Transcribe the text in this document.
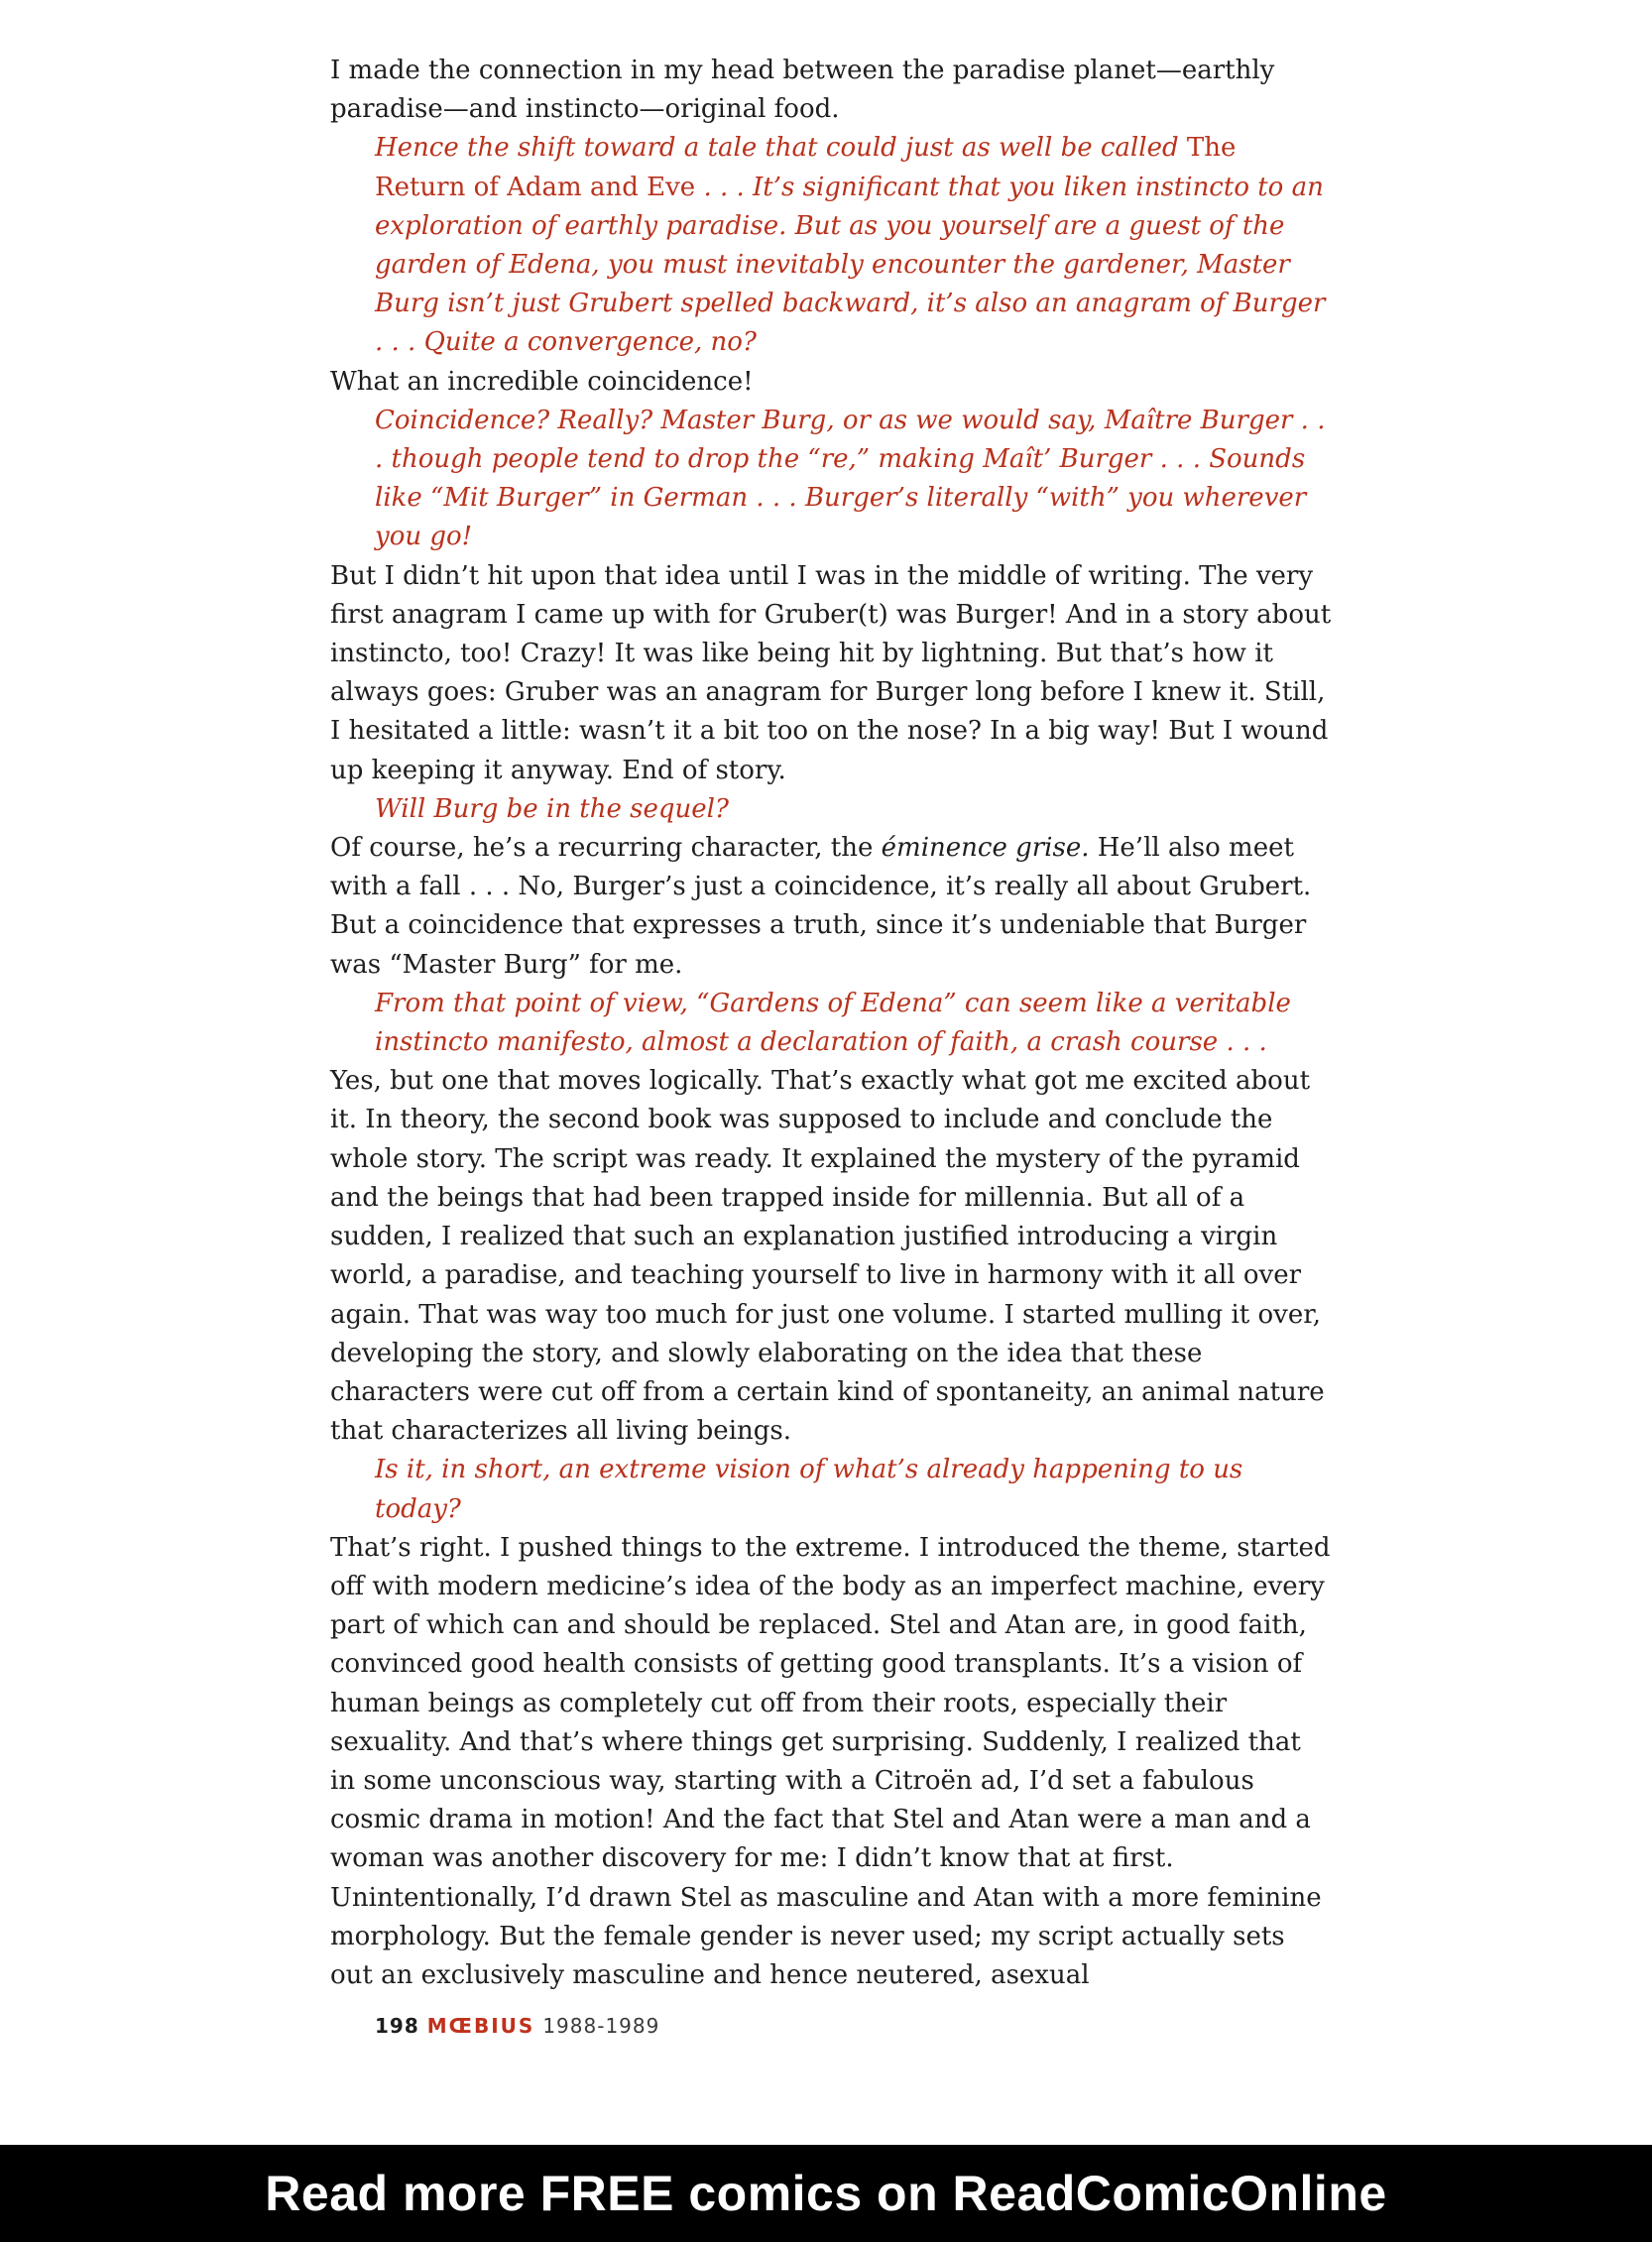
I made the connection in my head between the paradise planet—earthly paradise—and instincto—original food.

Hence the shift toward a tale that could just as well be called The Return of Adam and Eve . . . It’s significant that you liken instincto to an exploration of earthly paradise. But as you yourself are a guest of the garden of Edena, you must inevitably encounter the gardener, Master Burg isn’t just Grubert spelled backward, it’s also an anagram of Burger . . . Quite a convergence, no?

What an incredible coincidence!

Coincidence? Really? Master Burg, or as we would say, Maître Burger . . . though people tend to drop the “re,” making Maît’ Burger . . . Sounds like “Mit Burger” in German . . . Burger’s literally “with” you wherever you go!

But I didn’t hit upon that idea until I was in the middle of writing. The very first anagram I came up with for Gruber(t) was Burger! And in a story about instincto, too! Crazy! It was like being hit by lightning. But that’s how it always goes: Gruber was an anagram for Burger long before I knew it. Still, I hesitated a little: wasn’t it a bit too on the nose? In a big way! But I wound up keeping it anyway. End of story.

Will Burg be in the sequel?

Of course, he’s a recurring character, the éminence grise. He’ll also meet with a fall . . . No, Burger’s just a coincidence, it’s really all about Grubert. But a coincidence that expresses a truth, since it’s undeniable that Burger was “Master Burg” for me.

From that point of view, “Gardens of Edena” can seem like a veritable instincto manifesto, almost a declaration of faith, a crash course . . .

Yes, but one that moves logically. That’s exactly what got me excited about it. In theory, the second book was supposed to include and conclude the whole story. The script was ready. It explained the mystery of the pyramid and the beings that had been trapped inside for millennia. But all of a sudden, I realized that such an explanation justified introducing a virgin world, a paradise, and teaching yourself to live in harmony with it all over again. That was way too much for just one volume. I started mulling it over, developing the story, and slowly elaborating on the idea that these characters were cut off from a certain kind of spontaneity, an animal nature that characterizes all living beings.

Is it, in short, an extreme vision of what’s already happening to us today?

That’s right. I pushed things to the extreme. I introduced the theme, started off with modern medicine’s idea of the body as an imperfect machine, every part of which can and should be replaced. Stel and Atan are, in good faith, convinced good health consists of getting good transplants. It’s a vision of human beings as completely cut off from their roots, especially their sexuality. And that’s where things get surprising. Suddenly, I realized that in some unconscious way, starting with a Citroën ad, I’d set a fabulous cosmic drama in motion! And the fact that Stel and Atan were a man and a woman was another discovery for me: I didn’t know that at first. Unintentionally, I’d drawn Stel as masculine and Atan with a more feminine morphology. But the female gender is never used; my script actually sets out an exclusively masculine and hence neutered, asexual

198 MŒBIUS 1988-1989
Read more FREE comics on ReadComicOnline
